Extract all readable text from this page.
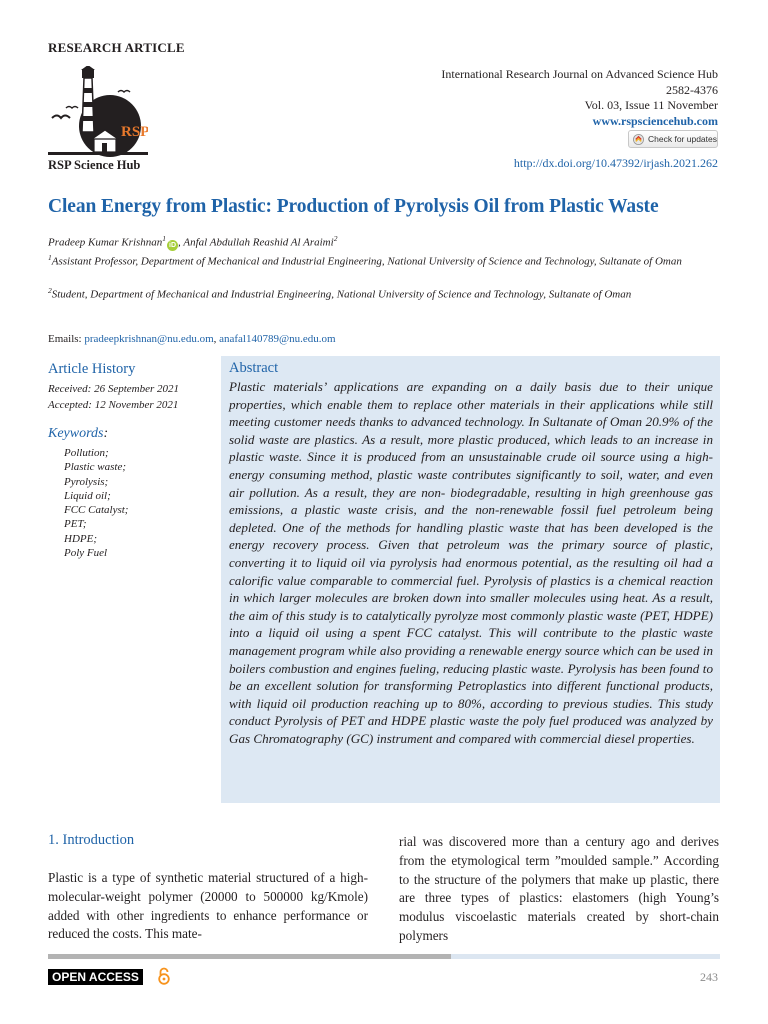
RESEARCH ARTICLE
RSP
RSP Science Hub
International Research Journal on Advanced Science Hub
2582-4376
Vol. 03, Issue 11 November
www.rspsciencehub.com
Check for updates
http://dx.doi.org/10.47392/irjash.2021.262
Clean Energy from Plastic: Production of Pyrolysis Oil from Plastic Waste
Pradeep Kumar Krishnan$^1$iD , Anfal Abdullah Reashid Al Araimi$^2$
$^1$Assistant Professor, Department of Mechanical and Industrial Engineering, National University of Science and Technology, Sultanate of Oman
$^2$Student, Department of Mechanical and Industrial Engineering, National University of Science and Technology, Sultanate of Oman
Emails: pradeepkrishnan@nu.edu.om, anafal140789@nu.edu.om
Article History
Received: 26 September 2021
Accepted: 12 November 2021
Keywords:
Pollution;
Plastic waste;
Pyrolysis;
Liquid oil;
FCC Catalyst;
PET;
HDPE;
Poly Fuel
Abstract
Plastic materials’ applications are expanding on a daily basis due to their unique properties, which enable them to replace other materials in their applications while still meeting customer needs thanks to advanced technology. In Sultanate of Oman 20.9% of the solid waste are plastics. As a result, more plastic produced, which leads to an increase in plastic waste. Since it is produced from an unsustainable crude oil source using a high-energy consuming method, plastic waste contributes significantly to soil, water, and even air pollution. As a result, they are non- biodegradable, resulting in high greenhouse gas emissions, a plastic waste crisis, and the non-renewable fossil fuel petroleum being depleted. One of the methods for handling plastic waste that has been developed is the energy recovery process. Given that petroleum was the primary source of plastic, converting it to liquid oil via pyrolysis had enormous potential, as the resulting oil had a calorific value comparable to commercial fuel. Pyrolysis of plastics is a chemical reaction in which larger molecules are broken down into smaller molecules using heat. As a result, the aim of this study is to catalytically pyrolyze most commonly plastic waste (PET, HDPE) into a liquid oil using a spent FCC catalyst. This will contribute to the plastic waste management program while also providing a renewable energy source which can be used in boilers combustion and engines fueling, reducing plastic waste. Pyrolysis has been found to be an excellent solution for transforming Petroplastics into different functional products, with liquid oil production reaching up to 80%, according to previous studies. This study conduct Pyrolysis of PET and HDPE plastic waste the poly fuel produced was analyzed by Gas Chromatography (GC) instrument and compared with commercial diesel properties.
1. Introduction
Plastic is a type of synthetic material structured of a high-molecular-weight polymer (20000 to 500000 kg/Kmole) added with other ingredients to enhance performance or reduced the costs. This mate-
rial was discovered more than a century ago and derives from the etymological term ”moulded sample.” According to the structure of the polymers that make up plastic, there are three types of plastics: elastomers (high Young’s modulus viscoelastic materials created by short-chain polymers
OPEN ACCESS	243
